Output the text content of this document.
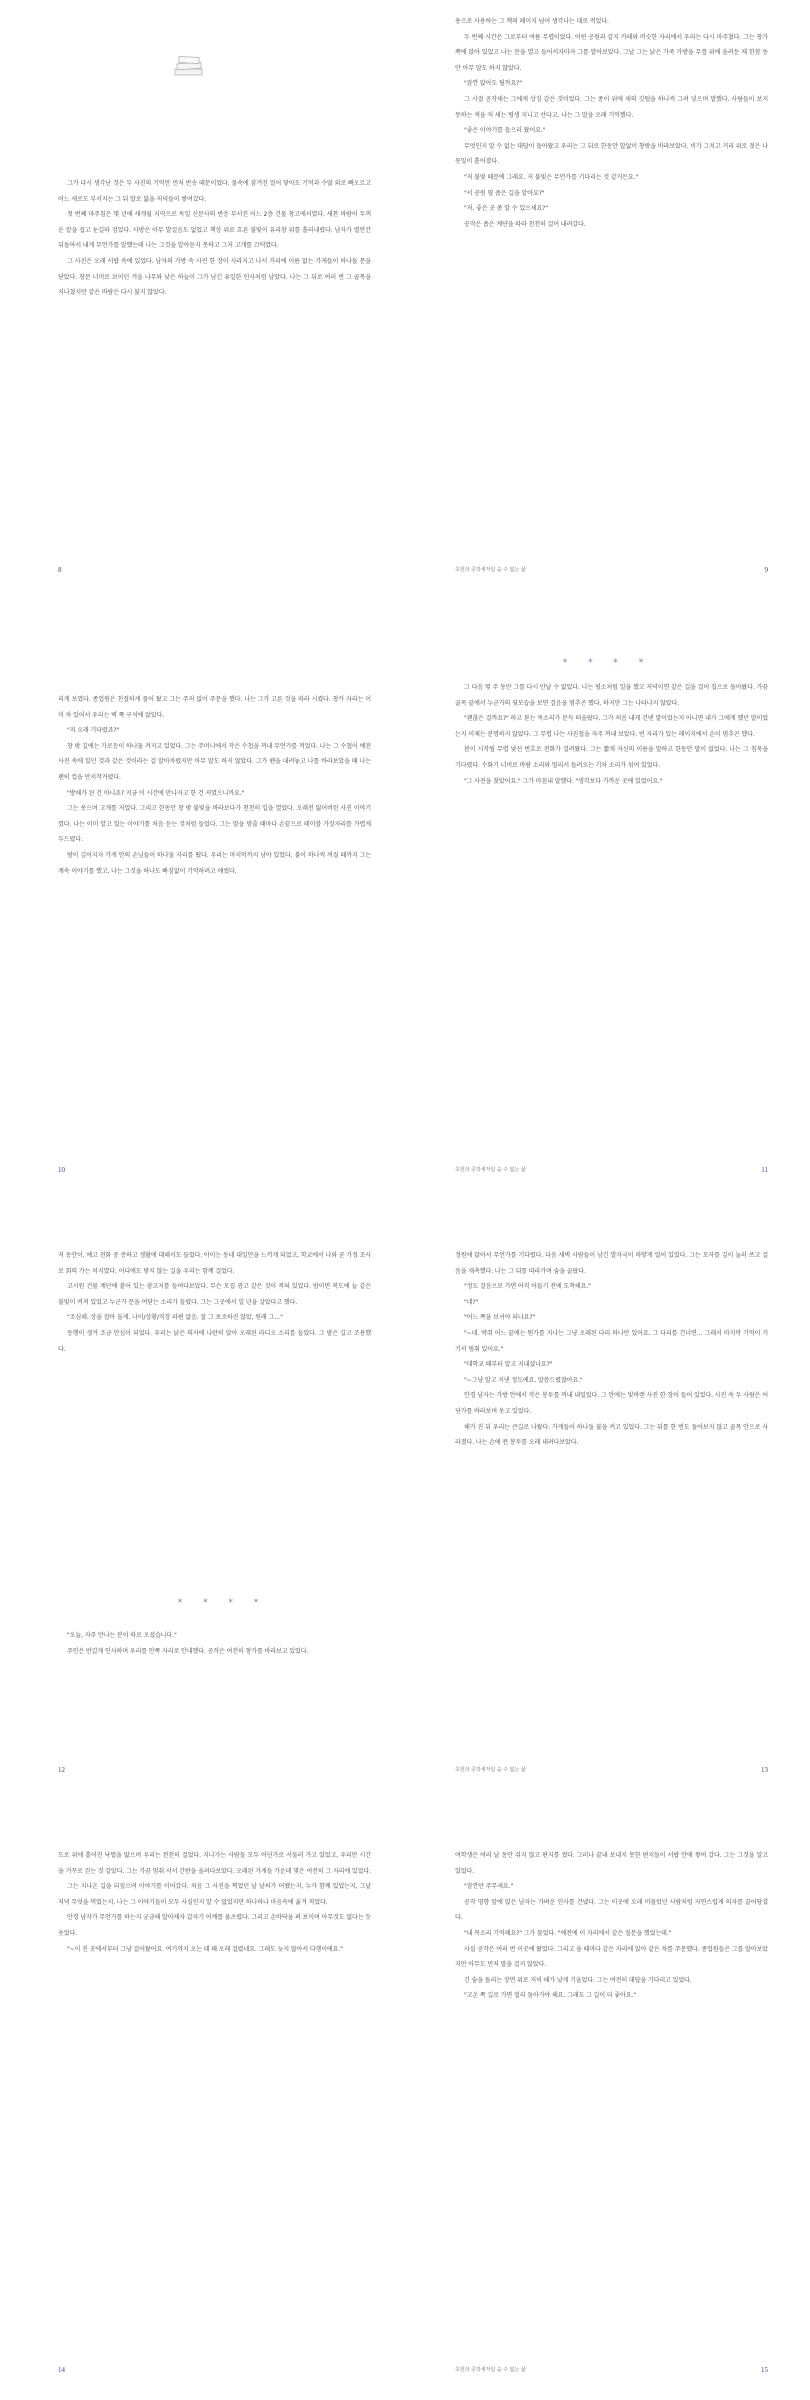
그가 다시 생각난 것은 두 사진의 기억만 먼저 반송 때문이었다. 물속에 잠겨진 얼어 닿아도 기억과 수많 외로 빠오르고 어느 새로도 부서지는 그 뒤 말로 잃을 저녁들이 쌓여갔다.

첫 번째 마주침은 몇 년에 새개월 지역으로 독일 신문사의 반응 부서진 어느 2층 건물 창고에서였다. 새찬 바람이 두꺼운 칼을 잡고 눈길따 검었다. 사방은 아무 발걸음도 없었고 책상 위로 흐른 불빛이 유리창 위를 흘러내렸다. 남자가 별안간 뒤돌아서 내게 무언가를 말했는데 나는 그것을 알아듣지 못하고 그저 고개를 끄덕였다.

그 사진은 오래 서랍 속에 있었다. 남자의 가방 속 사진 한 장이 사라지고 나서 거리에 이름 없는 가게들이 하나둘 문을 닫았다. 창문 너머로 보이던 겨울 나무와 낮은 하늘이 그가 남긴 유일한 인사처럼 남았다. 나는 그 뒤로 여러 번 그 골목을 지나쳤지만 같은 바람은 다시 불지 않았다.

8

용으로 사용하는 그 책의 페이지 넘어 생각나는 대로 적었다.

두 번째 시간은 그로부터 여름 무렵이었다. 어떤 공원과 같지 카페와 비슷한 자리에서 우리는 다시 마주쳤다. 그는 창가 쪽에 앉아 있었고 나는 문을 열고 들어서자마자 그를 알아보았다. 그날 그는 낡은 가죽 가방을 무릎 위에 올려둔 채 한참 동안 아무 말도 하지 않았다.

"잠깐 앉아도 될까요?"

그 시절 공작새는 그에게 상징 같은 것이었다. 그는 종이 위에 새의 깃털을 하나씩 그려 넣으며 말했다. 사람들이 보지 못하는 색을 저 새는 평생 지니고 산다고. 나는 그 말을 오래 기억했다.

"좋은 이야기를 들으러 왔어요."

무엇인지 알 수 없는 대답이 돌아왔고 우리는 그 뒤로 한동안 말없이 창밖을 바라보았다. 비가 그치고 거리 위로 젖은 나뭇잎이 흩어졌다.

"저 불빛 때문에 그래요. 저 불빛은 무언가를 기다리는 것 같거든요."

"서 공원 옆 좁은 길을 알아요?"

"저, 좋은 곳 좀 알 수 있으세요?"

공작은 좁은 계단을 따라 천천히 걸어 내려갔다.

초원의 공작새처럼 숨 수 없는 삶	9

리게 보였다. 종업원은 친절하게 물어 왔고 그는 주저 없이 주문을 했다. 나는 그가 고른 것을 따라 시켰다. 창가 자리는 이미 차 있어서 우리는 벽 쪽 구석에 앉았다.

"저 오래 기다렸죠?"

창 밖 길에는 가로등이 하나둘 켜지고 있었다. 그는 주머니에서 작은 수첩을 꺼내 무언가를 적었다. 나는 그 수첩이 예전 사진 속에 있던 것과 같은 것이라는 걸 알아차렸지만 아무 말도 하지 않았다. 그가 펜을 내려놓고 나를 바라보았을 때 나는 괜히 컵을 만지작거렸다.

"방해가 된 건 아니죠? 지금 이 시간에 만나자고 한 건 저였으니까요."

그는 웃으며 고개를 저었다. 그리고 한동안 창 밖 불빛을 바라보다가 천천히 입을 열었다. 오래전 잃어버린 사진 이야기였다. 나는 이미 알고 있는 이야기를 처음 듣는 것처럼 들었다. 그는 말을 멈출 때마다 손끝으로 테이블 가장자리를 가볍게 두드렸다.

밤이 깊어지자 가게 안의 손님들이 하나둘 자리를 떴다. 우리는 마지막까지 남아 있었다. 불이 하나씩 꺼질 때까지 그는 계속 이야기를 했고, 나는 그것을 하나도 빠짐없이 기억하려고 애썼다.

10
* * * *

그 다음 몇 주 동안 그를 다시 만날 수 없었다. 나는 평소처럼 일을 했고 저녁이면 같은 길을 걸어 집으로 돌아왔다. 가끔 골목 끝에서 누군가의 뒷모습을 보면 걸음을 멈추곤 했다. 하지만 그는 나타나지 않았다.

"괜찮은 걸까요?" 하고 묻는 목소리가 문득 떠올랐다. 그가 처음 내게 건넨 말이었는지 아니면 내가 그에게 했던 말이었는지 이제는 분명하지 않았다. 그 무렵 나는 사진첩을 자주 꺼내 보았다. 빈 자리가 있는 페이지에서 손이 멈추곤 했다.

봄이 시작될 무렵 낯선 번호로 전화가 걸려왔다. 그는 짧게 자신의 이름을 말하고 한동안 말이 없었다. 나는 그 침묵을 기다렸다. 수화기 너머로 바람 소리와 멀리서 들려오는 기차 소리가 섞여 있었다.

"그 사진을 찾았어요." 그가 마침내 말했다. "생각보다 가까운 곳에 있었어요."

초원의 공작새처럼 숨 수 없는 삶	11

저 동안이. 예고 전화 중 증하고 생활에 대해서도 들었다. 아이는 동네 대일만을 느끼게 되었고, 학교에서 나와 곧 가정 조사로 회의 가는 처지였다. 어디에도 닿지 않는 길을 우리는 함께 걸었다.

고시원 건물 계단에 붙어 있는 광고지를 들여다보았다. 무슨 모집 광고 같은 것이 적혀 있었다. 밤이면 복도에 늘 같은 불빛이 켜져 있었고 누군가 문을 여닫는 소리가 들렸다. 그는 그곳에서 일 년을 살았다고 했다.

"조심해. 상을 잡아 둘게. 나이/상황/직장 파편 없음. 잘 그 초조하진 않았, 원래 그…"

동행이 생겨 조금 안심이 되었다. 우리는 낡은 의자에 나란히 앉아 오래된 라디오 소리를 들었다. 그 밤은 길고 조용했다.

* * * *

"오늘, 자주 만나는 분이 따로 오셨습니다."

주인은 반갑게 인사하며 우리를 안쪽 자리로 안내했다. 공작은 여전히 창가를 바라보고 있었다.

12

정원에 앉아서 무언가를 기다렸다. 다음 새벽 사람들이 남긴 발자국이 하얗게 얼어 있었다. 그는 모자를 깊이 눌러 쓰고 걸음을 재촉했다. 나는 그 뒤를 따라가며 숨을 골랐다.

"정도 걸음으로 가면 아직 어둡기 전에 도착해요."

"네?"

"어느 쪽을 보셔야 되나요?"

"~네. 박쥐 어느 끝에는 뭔가를 지나는 그냥 오래된 다리 하나만 있어요. 그 다리를 건너면… 그래서 마지막 기억이 거기서 멈춰 있어요."

"대학교 때부터 알고 지내셨나요?"

"~그냥 알고 지낸 정도예요. 말씀드렸잖아요."

안경 남자는 가방 안에서 작은 봉투를 꺼내 내밀었다. 그 안에는 빛바랜 사진 한 장이 들어 있었다. 사진 속 두 사람은 어딘가를 바라보며 웃고 있었다.

해가 진 뒤 우리는 큰길로 나왔다. 가게들이 하나둘 불을 켜고 있었다. 그는 뒤를 한 번도 돌아보지 않고 골목 안으로 사라졌다. 나는 손에 쥔 봉투를 오래 내려다보았다.

초원의 공작새처럼 숨 수 없는 삶	13

도로 위에 흩어진 낙엽을 밟으며 우리는 천천히 걸었다. 지나가는 사람들 모두 어딘가로 서둘러 가고 있었고, 우리만 시간을 거꾸로 걷는 것 같았다. 그는 가끔 멈춰 서서 간판을 올려다보았다. 오래된 가게들 가운데 몇은 여전히 그 자리에 있었다.

그는 지나온 길을 되짚으며 이야기를 이어갔다. 처음 그 사진을 찍었던 날 날씨가 어땠는지, 누가 함께 있었는지, 그날 저녁 무엇을 먹었는지. 나는 그 이야기들이 모두 사실인지 알 수 없었지만 하나하나 마음속에 옮겨 적었다.

안경 남자가 무언가를 하는지 궁금해 알아채자 갑자기 어깨를 움츠렸다. 그리고 손바닥을 펴 보이며 아무것도 없다는 듯 웃었다.

"~이 진 곳에서부터 그냥 걸어왔어요. 여기까지 오는 데 꽤 오래 걸렸네요. 그래도 늦지 않아서 다행이에요."

14

여학생은 여러 날 동안 쉬지 않고 편지를 썼다. 그러나 끝내 보내지 못한 편지들이 서랍 안에 쌓여 갔다. 그는 그것을 알고 있었다.

"잠깐만 주무세요."

공작 영향 앞에 앉은 남자는 가벼운 인사를 건넸다. 그는 이곳에 오래 머물렀던 사람처럼 자연스럽게 의자를 끌어당겼다.

"내 목소리 기억해요?" 그가 물었다. "예전에 이 자리에서 같은 질문을 했었는데."

사실 공작은 여러 번 이곳에 왔었다. 그리고 올 때마다 같은 자리에 앉아 같은 차를 주문했다. 종업원들은 그를 알아보았지만 아무도 먼저 말을 걸지 않았다.

긴 숨을 돌리는 장면 위로 저녁 해가 낮게 기울었다. 그는 여전히 대답을 기다리고 있었다.

"고온 쪽 길로 가면 멀리 돌아가야 해요. 그래도 그 길이 더 좋아요."

초원의 공작새처럼 숨 수 없는 삶	15
